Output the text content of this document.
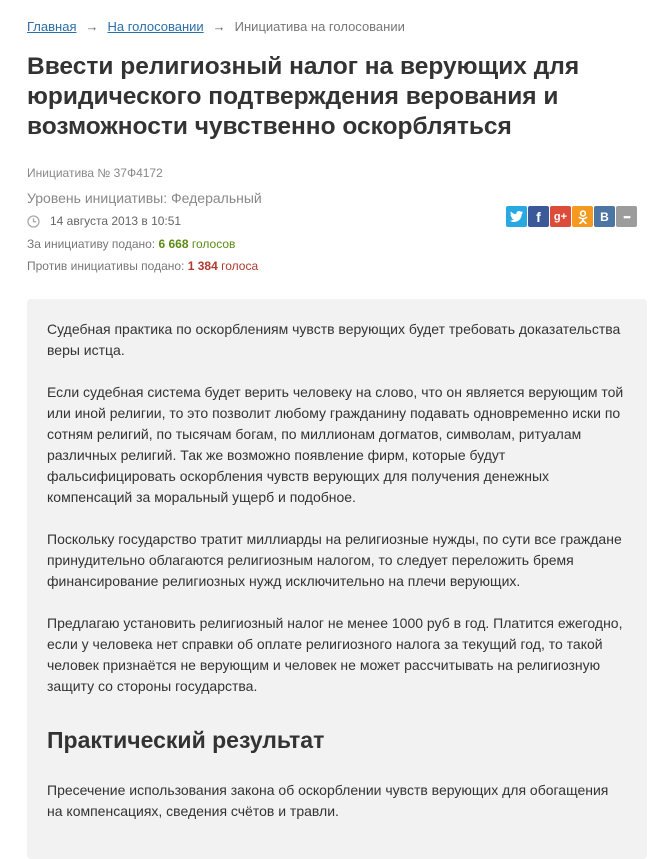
Главная → На голосовании → Инициатива на голосовании
Ввести религиозный налог на верующих для юридического подтверждения верования и возможности чувственно оскорбляться
Инициатива № 37Ф4172
Уровень инициативы: Федеральный
14 августа 2013 в 10:51
За инициативу подано: 6 668 голосов
Против инициативы подано: 1 384 голоса
f	g+	B	•••

Судебная практика по оскорблениям чувств верующих будет требовать доказательства веры истца.

Если судебная система будет верить человеку на слово, что он является верующим той или иной религии, то это позволит любому гражданину подавать одновременно иски по сотням религий, по тысячам богам, по миллионам догматов, символам, ритуалам различных религий. Так же возможно появление фирм, которые будут фальсифицировать оскорбления чувств верующих для получения денежных компенсаций за моральный ущерб и подобное.

Поскольку государство тратит миллиарды на религиозные нужды, по сути все граждане принудительно облагаются религиозным налогом, то следует переложить бремя финансирование религиозных нужд исключительно на плечи верующих.

Предлагаю установить религиозный налог не менее 1000 руб в год. Платится ежегодно, если у человека нет справки об оплате религиозного налога за текущий год, то такой человек признаётся не верующим и человек не может рассчитывать на религиозную защиту со стороны государства.

Практический результат

Пресечение использования закона об оскорблении чувств верующих для обогащения на компенсациях, сведения счётов и травли.
